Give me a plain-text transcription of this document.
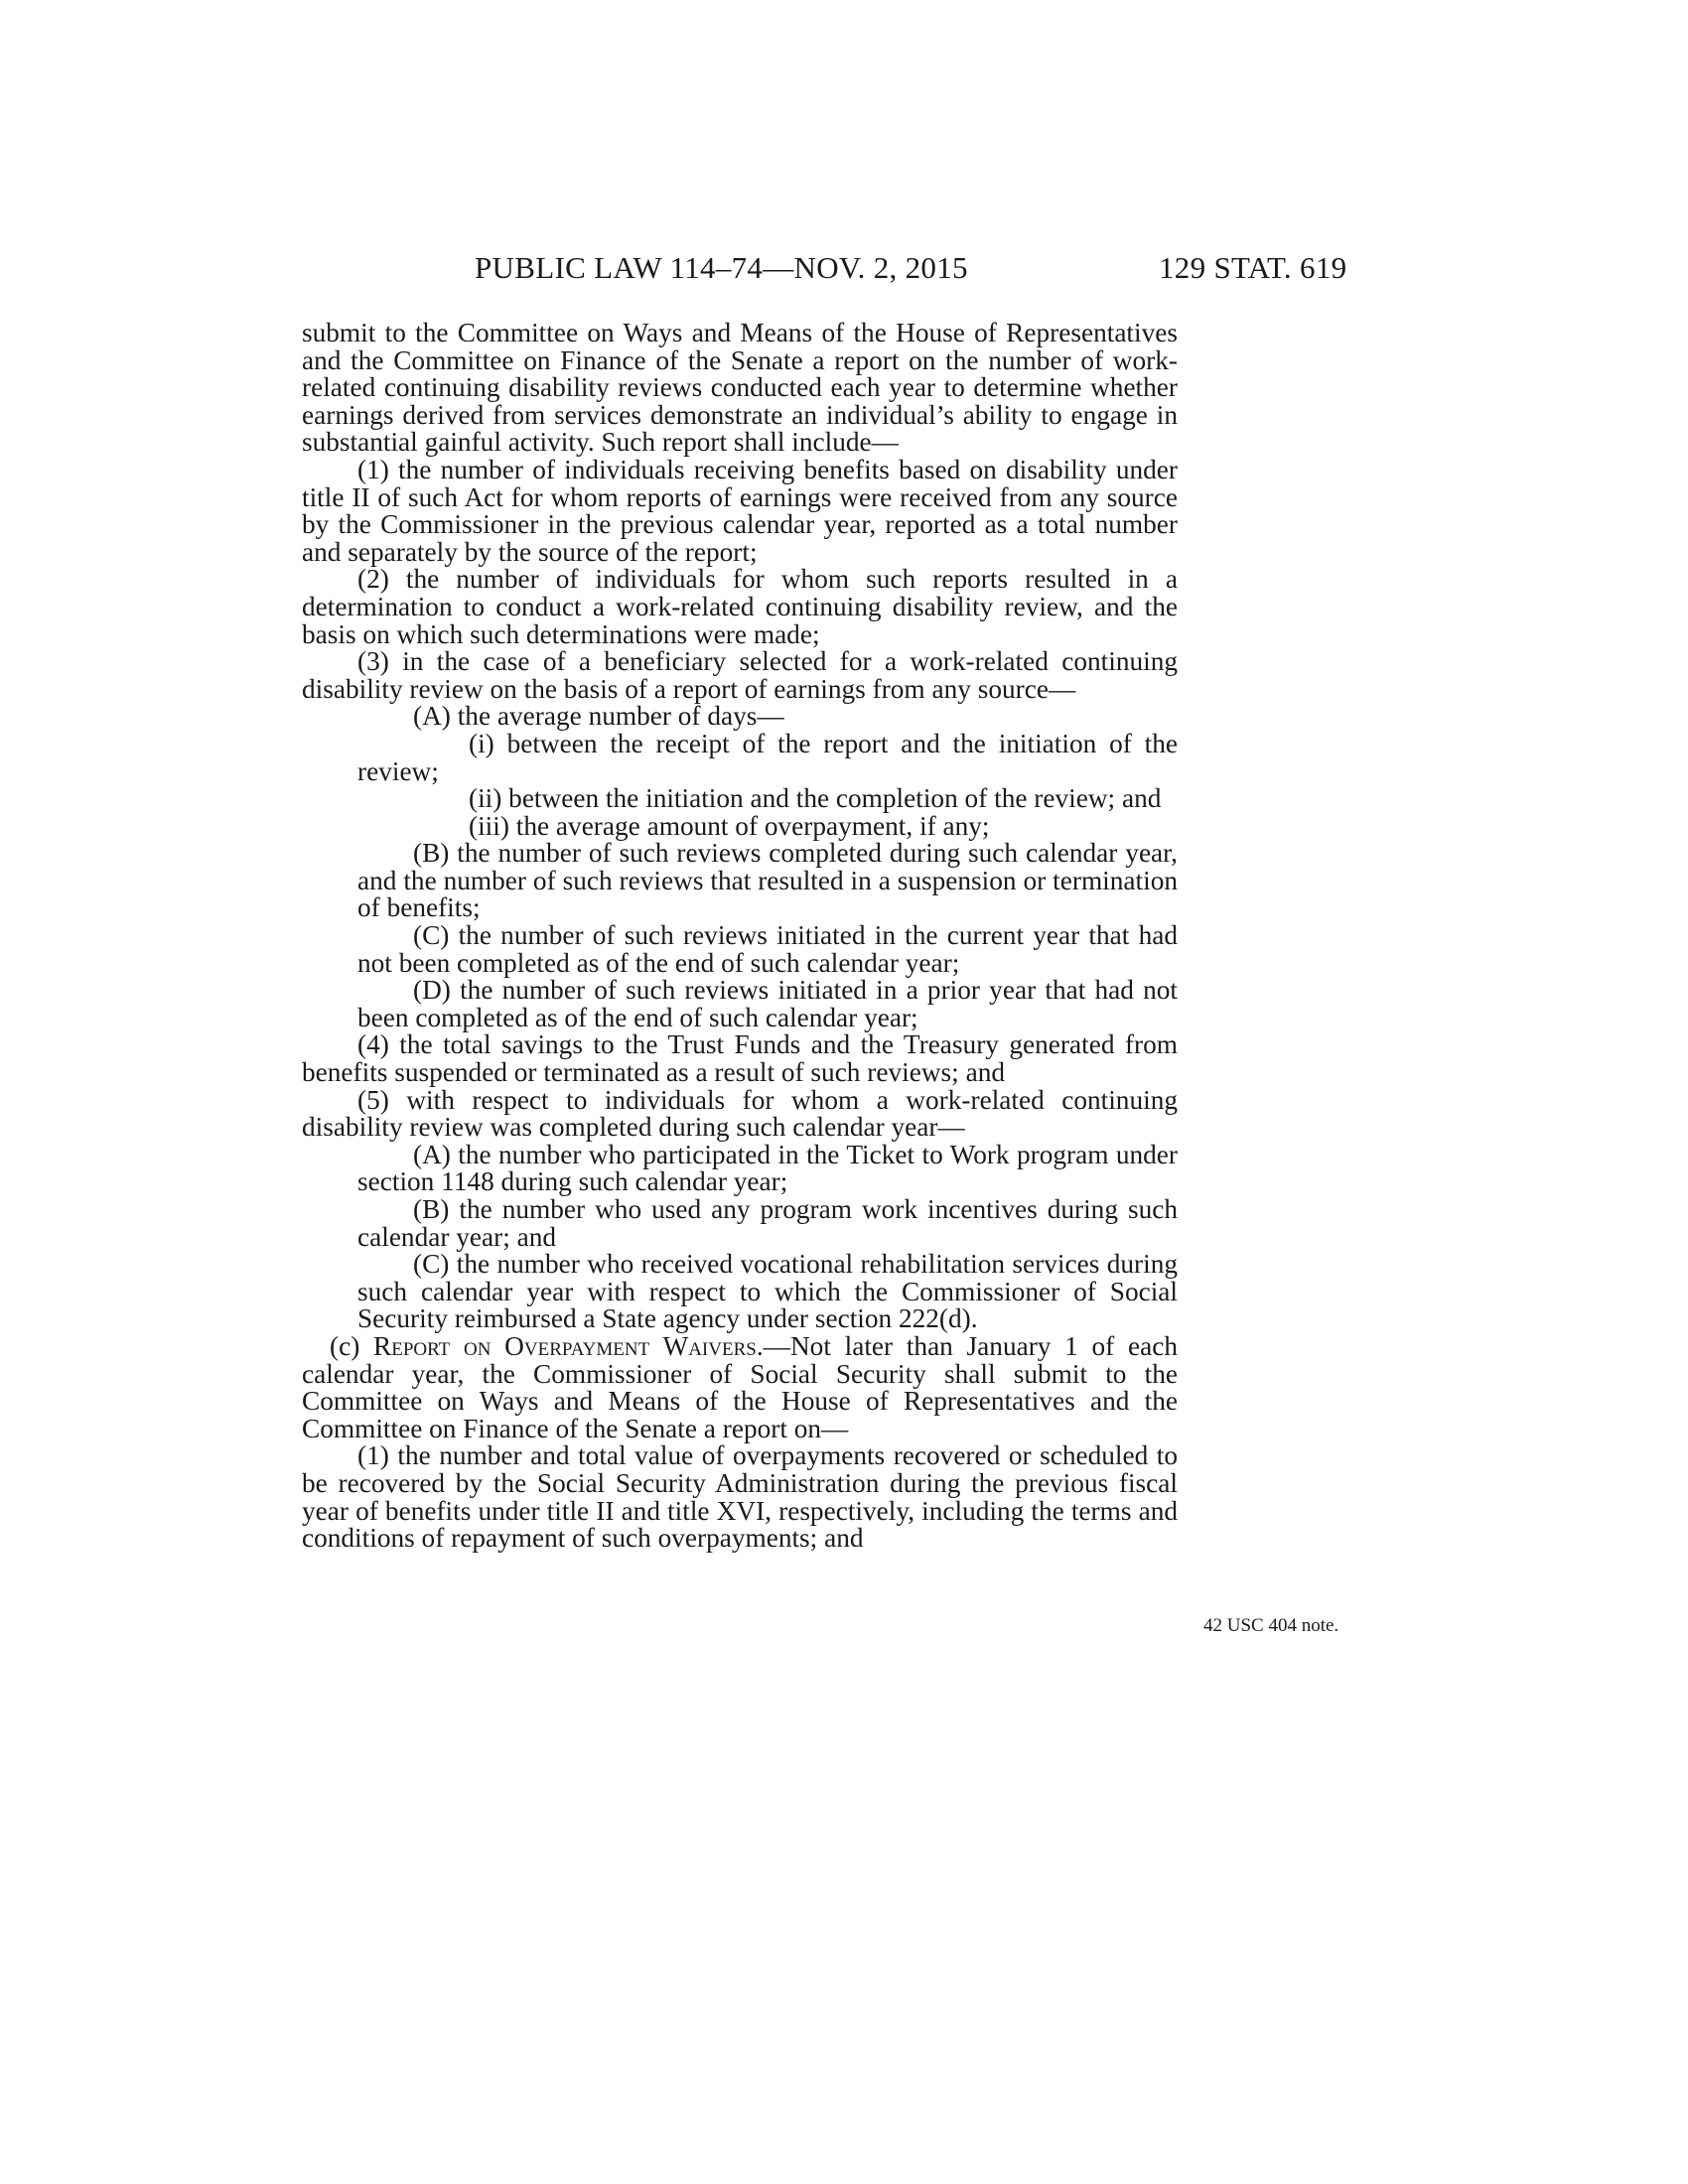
PUBLIC LAW 114–74—NOV. 2, 2015	129 STAT. 619

submit to the Committee on Ways and Means of the House of Representatives and the Committee on Finance of the Senate a report on the number of work-related continuing disability reviews conducted each year to determine whether earnings derived from services demonstrate an individual’s ability to engage in substantial gainful activity. Such report shall include—

(1) the number of individuals receiving benefits based on disability under title II of such Act for whom reports of earnings were received from any source by the Commissioner in the previous calendar year, reported as a total number and separately by the source of the report;

(2) the number of individuals for whom such reports resulted in a determination to conduct a work-related continuing disability review, and the basis on which such determinations were made;

(3) in the case of a beneficiary selected for a work-related continuing disability review on the basis of a report of earnings from any source—

(A) the average number of days—

(i) between the receipt of the report and the initiation of the review;

(ii) between the initiation and the completion of the review; and

(iii) the average amount of overpayment, if any;

(B) the number of such reviews completed during such calendar year, and the number of such reviews that resulted in a suspension or termination of benefits;

(C) the number of such reviews initiated in the current year that had not been completed as of the end of such calendar year;

(D) the number of such reviews initiated in a prior year that had not been completed as of the end of such calendar year;

(4) the total savings to the Trust Funds and the Treasury generated from benefits suspended or terminated as a result of such reviews; and

(5) with respect to individuals for whom a work-related continuing disability review was completed during such calendar year—

(A) the number who participated in the Ticket to Work program under section 1148 during such calendar year;

(B) the number who used any program work incentives during such calendar year; and

(C) the number who received vocational rehabilitation services during such calendar year with respect to which the Commissioner of Social Security reimbursed a State agency under section 222(d).

(c) Report on Overpayment Waivers.—Not later than January 1 of each calendar year, the Commissioner of Social Security shall submit to the Committee on Ways and Means of the House of Representatives and the Committee on Finance of the Senate a report on—

(1) the number and total value of overpayments recovered or scheduled to be recovered by the Social Security Administration during the previous fiscal year of benefits under title II and title XVI, respectively, including the terms and conditions of repayment of such overpayments; and

42 USC 404 note.
